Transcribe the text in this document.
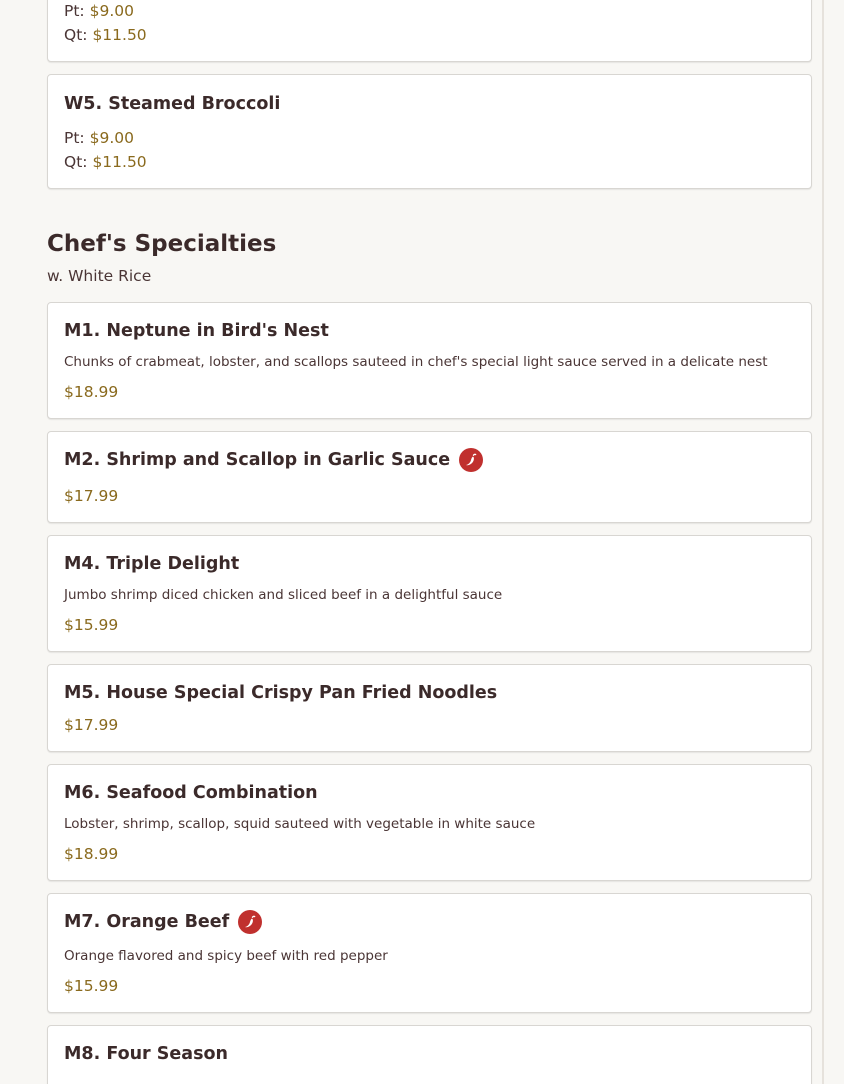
Pt: $9.00
Qt: $11.50
W5. Steamed Broccoli
Pt: $9.00
Qt: $11.50
Chef's Specialties
w. White Rice
M1. Neptune in Bird's Nest
Chunks of crabmeat, lobster, and scallops sauteed in chef's special light sauce served in a delicate nest
$18.99
M2. Shrimp and Scallop in Garlic Sauce
$17.99
M4. Triple Delight
Jumbo shrimp diced chicken and sliced beef in a delightful sauce
$15.99
M5. House Special Crispy Pan Fried Noodles
$17.99
M6. Seafood Combination
Lobster, shrimp, scallop, squid sauteed with vegetable in white sauce
$18.99
M7. Orange Beef
Orange flavored and spicy beef with red pepper
$15.99
M8. Four Season
